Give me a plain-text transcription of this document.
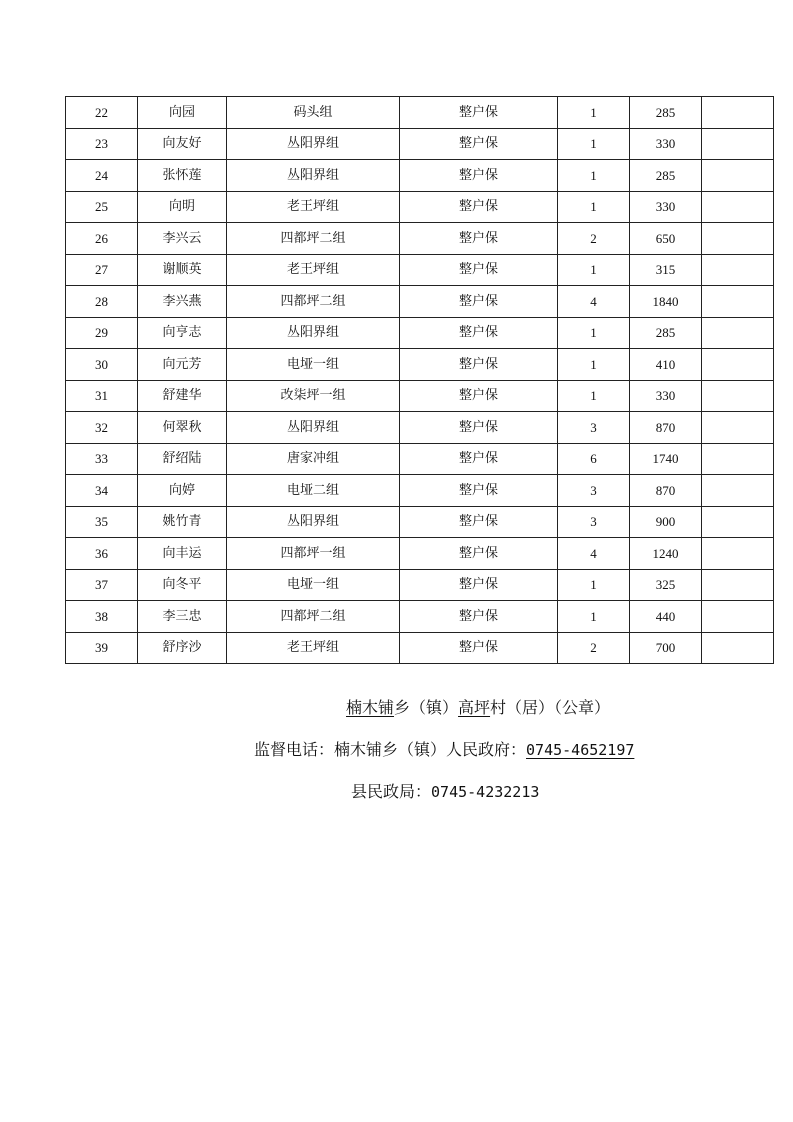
22	向园	码头组	整户保	1	285	
23	向友好	丛阳界组	整户保	1	330	
24	张怀莲	丛阳界组	整户保	1	285	
25	向明	老王坪组	整户保	1	330	
26	李兴云	四都坪二组	整户保	2	650	
27	谢顺英	老王坪组	整户保	1	315	
28	李兴燕	四都坪二组	整户保	4	1840	
29	向亨志	丛阳界组	整户保	1	285	
30	向元芳	电垭一组	整户保	1	410	
31	舒建华	改柒坪一组	整户保	1	330	
32	何翠秋	丛阳界组	整户保	3	870	
33	舒绍陆	唐家冲组	整户保	6	1740	
34	向婷	电垭二组	整户保	3	870	
35	姚竹青	丛阳界组	整户保	3	900	
36	向丰运	四都坪一组	整户保	4	1240	
37	向冬平	电垭一组	整户保	1	325	
38	李三忠	四都坪二组	整户保	1	440	
39	舒序沙	老王坪组	整户保	2	700	
楠木铺乡（镇）高坪村（居）（公章）
监督电话：楠木铺乡（镇）人民政府：0745-4652197
县民政局：0745-4232213
